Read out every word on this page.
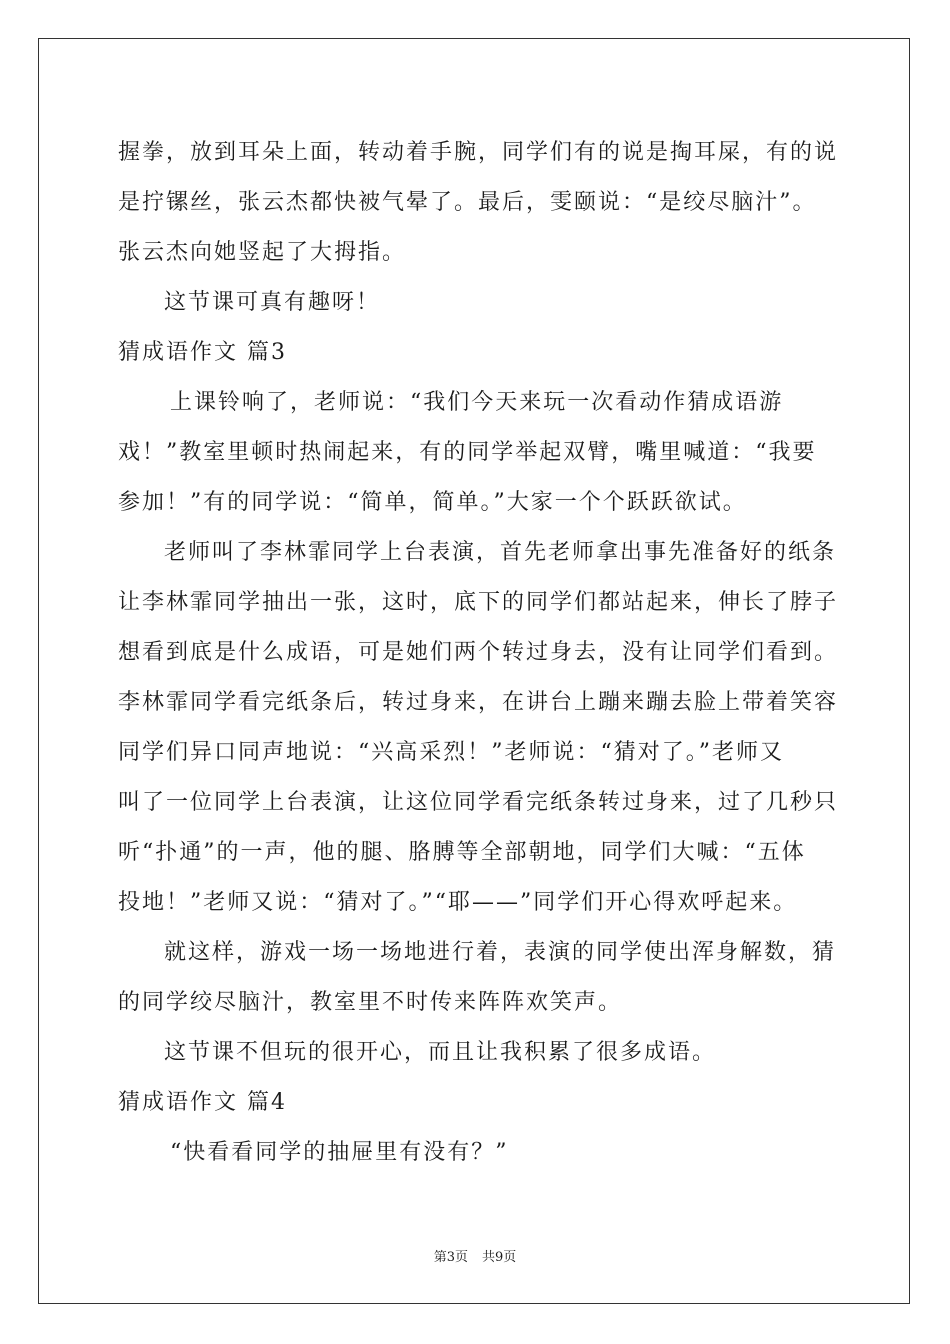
握拳，放到耳朵上面，转动着手腕，同学们有的说是掏耳屎，有的说
是拧镙丝，张云杰都快被气晕了。最后，雯颐说：“是绞尽脑汁”。
张云杰向她竖起了大拇指。
这节课可真有趣呀！
猜成语作文 篇3
上课铃响了，老师说：“我们今天来玩一次看动作猜成语游
戏！”教室里顿时热闹起来，有的同学举起双臂，嘴里喊道：“我要
参加！”有的同学说：“简单，简单。”大家一个个跃跃欲试。
老师叫了李林霏同学上台表演，首先老师拿出事先准备好的纸条
让李林霏同学抽出一张，这时，底下的同学们都站起来，伸长了脖子
想看到底是什么成语，可是她们两个转过身去，没有让同学们看到。
李林霏同学看完纸条后，转过身来，在讲台上蹦来蹦去脸上带着笑容
同学们异口同声地说：“兴高采烈！”老师说：“猜对了。”老师又
叫了一位同学上台表演，让这位同学看完纸条转过身来，过了几秒只
听“扑通”的一声，他的腿、胳膊等全部朝地，同学们大喊：“五体
投地！”老师又说：“猜对了。”“耶——”同学们开心得欢呼起来。
就这样，游戏一场一场地进行着，表演的同学使出浑身解数，猜
的同学绞尽脑汁，教室里不时传来阵阵欢笑声。
这节课不但玩的很开心，而且让我积累了很多成语。
猜成语作文 篇4
“快看看同学的抽屉里有没有？”
第3页 共9页
